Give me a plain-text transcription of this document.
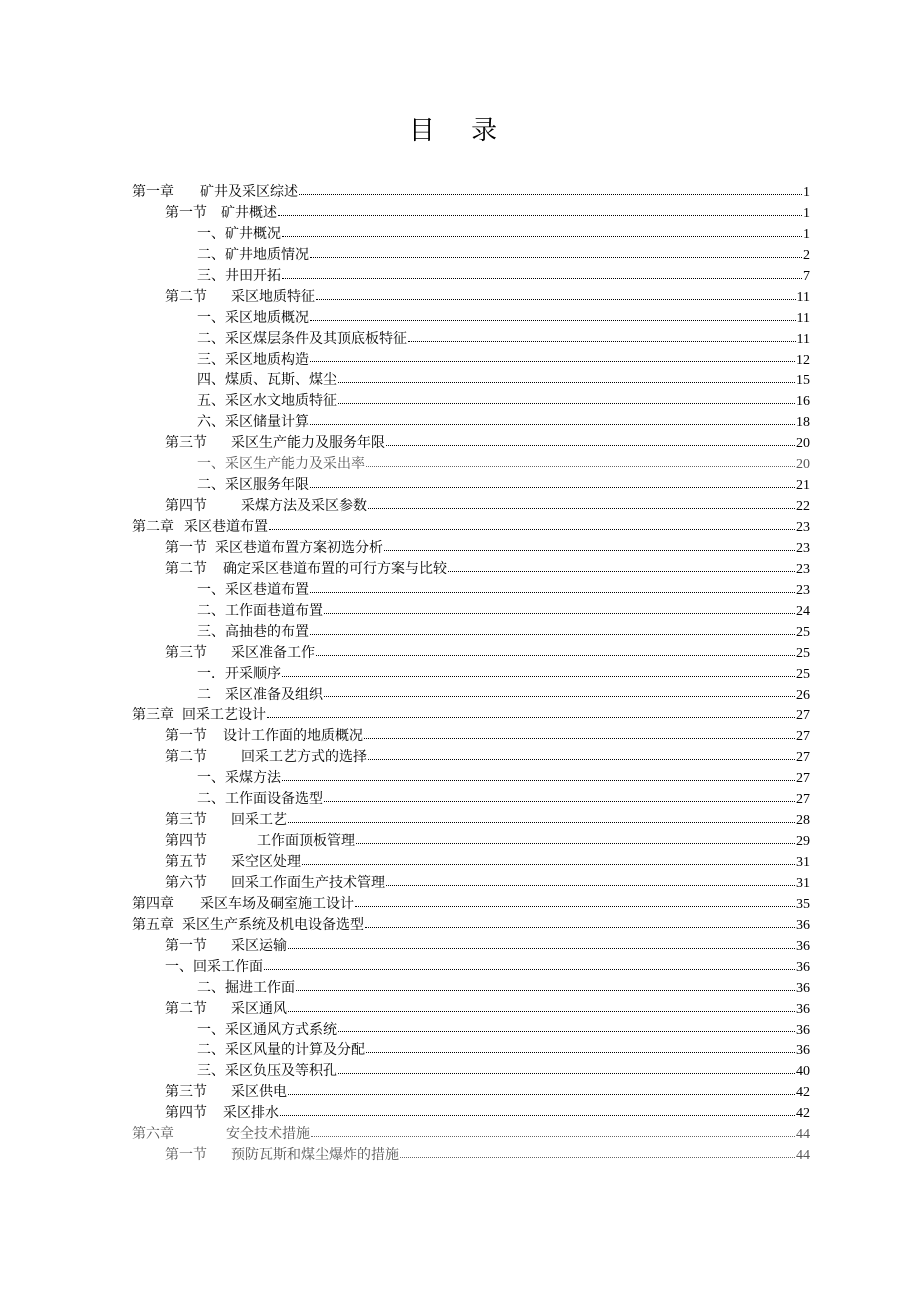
目 录
第一章 矿井及采区综述	1
第一节 矿井概述	1
一、矿井概况	1
二、矿井地质情况	2
三、井田开拓	7
第二节 采区地质特征	11
一、采区地质概况	11
二、采区煤层条件及其顶底板特征	11
三、采区地质构造	12
四、煤质、瓦斯、煤尘	15
五、采区水文地质特征	16
六、采区储量计算	18
第三节 采区生产能力及服务年限	20
一、采区生产能力及采出率	20
二、采区服务年限	21
第四节 采煤方法及采区参数	22
第二章 采区巷道布置	23
第一节 采区巷道布置方案初选分析	23
第二节 确定采区巷道布置的可行方案与比较	23
一、采区巷道布置	23
二、工作面巷道布置	24
三、高抽巷的布置	25
第三节 采区准备工作	25
一．开采顺序	25
二　采区准备及组织	26
第三章 回采工艺设计	27
第一节 设计工作面的地质概况	27
第二节 回采工艺方式的选择	27
一、采煤方法	27
二、工作面设备选型	27
第三节 回采工艺	28
第四节	工作面顶板管理	29
第五节 采空区处理	31
第六节 回采工作面生产技术管理	31
第四章 采区车场及硐室施工设计	35
第五章 采区生产系统及机电设备选型	36
第一节 采区运输	36
一、回采工作面	36
二、掘进工作面	36
第二节 采区通风	36
一、采区通风方式系统	36
二、采区风量的计算及分配	36
三、采区负压及等积孔	40
第三节 采区供电	42
第四节 采区排水	42
第六章	安全技术措施	44
第一节 预防瓦斯和煤尘爆炸的措施	44
